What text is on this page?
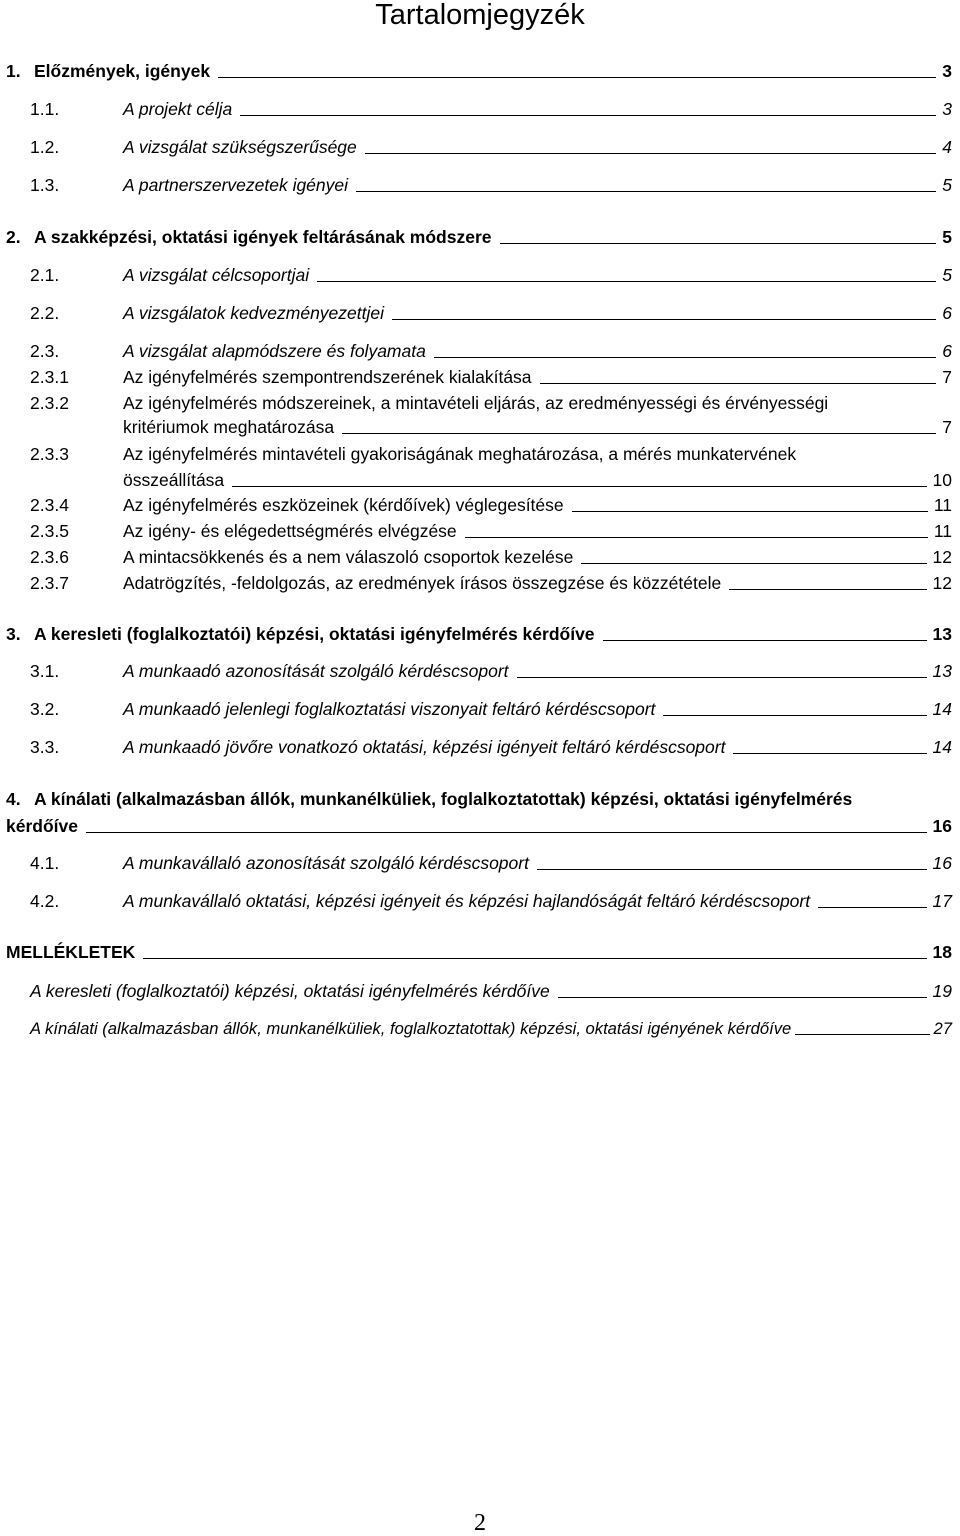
Tartalomjegyzék
1. Előzmények, igények	3
1.1.	A projekt célja	3
1.2.	A vizsgálat szükségszerűsége	4
1.3.	A partnerszervezetek igényei	5
2. A szakképzési, oktatási igények feltárásának módszere	5
2.1.	A vizsgálat célcsoportjai	5
2.2.	A vizsgálatok kedvezményezettjei	6
2.3.	A vizsgálat alapmódszere és folyamata	6
2.3.1	Az igényfelmérés szempontrendszerének kialakítása	7
2.3.2	Az igényfelmérés módszereinek, a mintavételi eljárás, az eredményességi és érvényességi
kritériumok meghatározása	7
2.3.3	Az igényfelmérés mintavételi gyakoriságának meghatározása, a mérés munkatervének
összeállítása	10
2.3.4	Az igényfelmérés eszközeinek (kérdőívek) véglegesítése	11
2.3.5	Az igény- és elégedettségmérés elvégzése	11
2.3.6	A mintacsökkenés és a nem válaszoló csoportok kezelése	12
2.3.7	Adatrögzítés, -feldolgozás, az eredmények írásos összegzése és közzététele	12
3. A keresleti (foglalkoztatói) képzési, oktatási igényfelmérés kérdőíve	13
3.1.	A munkaadó azonosítását szolgáló kérdéscsoport	13
3.2.	A munkaadó jelenlegi foglalkoztatási viszonyait feltáró kérdéscsoport	14
3.3.	A munkaadó jövőre vonatkozó oktatási, képzési igényeit feltáró kérdéscsoport	14
4. A kínálati (alkalmazásban állók, munkanélküliek, foglalkoztatottak) képzési, oktatási igényfelmérés
kérdőíve	16
4.1.	A munkavállaló azonosítását szolgáló kérdéscsoport	16
4.2.	A munkavállaló oktatási, képzési igényeit és képzési hajlandóságát feltáró kérdéscsoport	17
MELLÉKLETEK	18
A keresleti (foglalkoztatói) képzési, oktatási igényfelmérés kérdőíve	19
A kínálati (alkalmazásban állók, munkanélküliek, foglalkoztatottak) képzési, oktatási igényének kérdőíve	27
2
